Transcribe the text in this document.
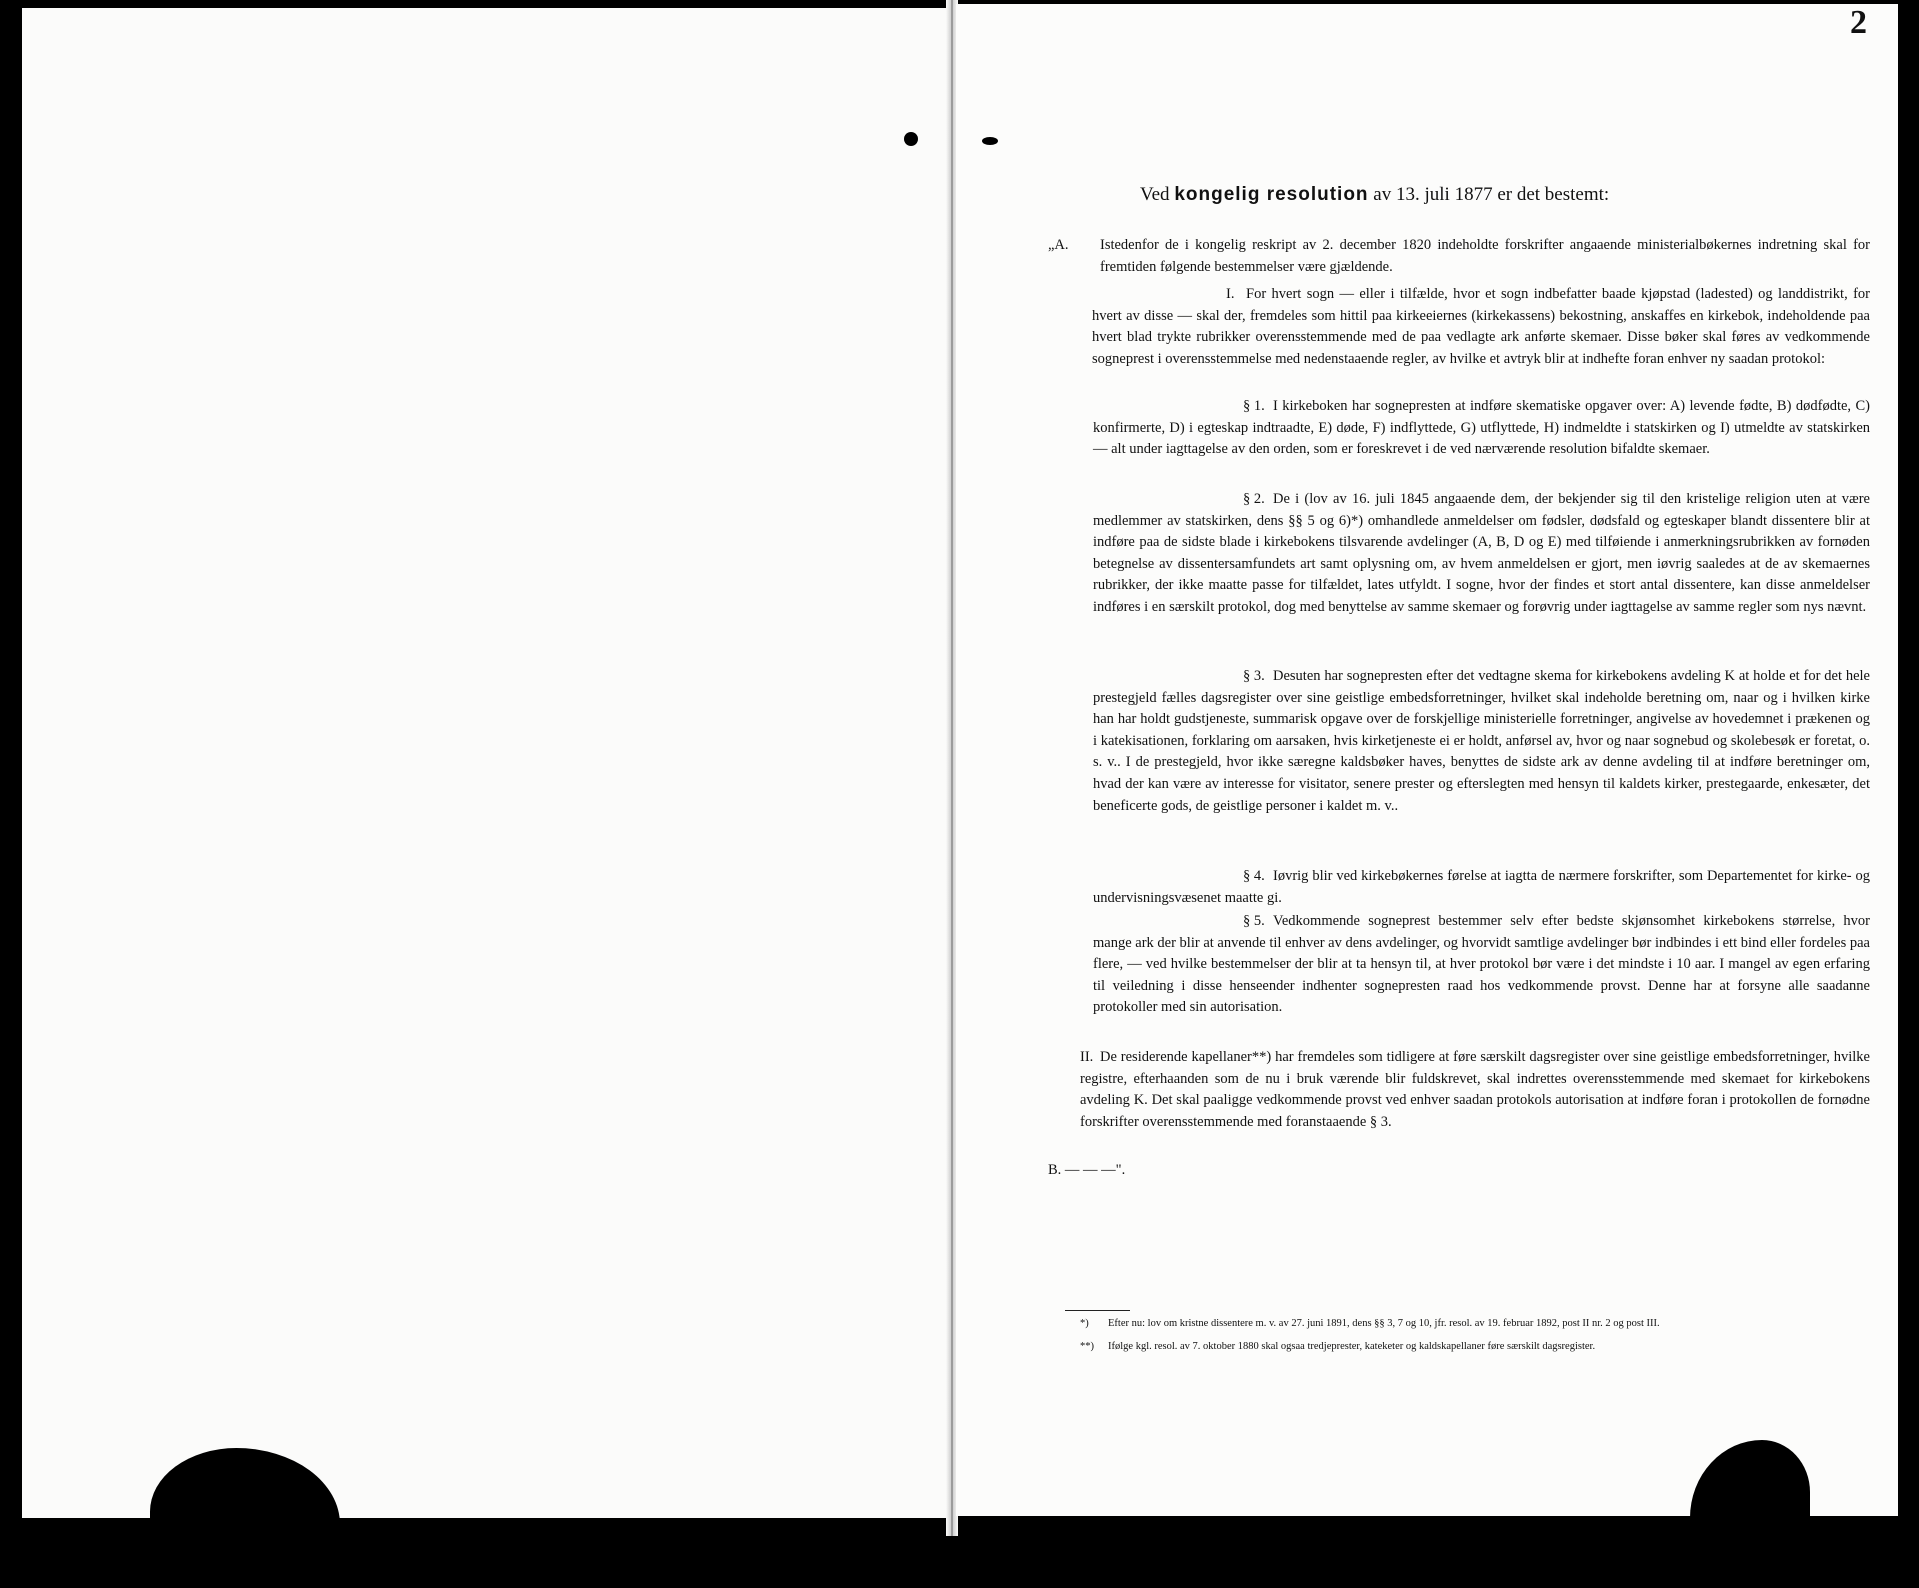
2

Ved kongelig resolution av 13. juli 1877 er det bestemt:

„A. Istedenfor de i kongelig reskript av 2. december 1820 indeholdte forskrifter angaaende ministerialbøkernes indretning skal for fremtiden følgende bestemmelser være gjældende.

I. For hvert sogn — eller i tilfælde, hvor et sogn indbefatter baade kjøpstad (ladested) og landdistrikt, for hvert av disse — skal der, fremdeles som hittil paa kirkeeiernes (kirkekassens) bekostning, anskaffes en kirkebok, indeholdende paa hvert blad trykte rubrikker overensstemmende med de paa vedlagte ark anførte skemaer. Disse bøker skal føres av vedkommende sogneprest i overensstemmelse med nedenstaaende regler, av hvilke et avtryk blir at indhefte foran enhver ny saadan protokol:

§ 1. I kirkeboken har sognepresten at indføre skematiske opgaver over: A) levende fødte, B) dødfødte, C) konfirmerte, D) i egteskap indtraadte, E) døde, F) indflyttede, G) utflyttede, H) indmeldte i statskirken og I) utmeldte av statskirken — alt under iagttagelse av den orden, som er foreskrevet i de ved nærværende resolution bifaldte skemaer.

§ 2. De i (lov av 16. juli 1845 angaaende dem, der bekjender sig til den kristelige religion uten at være medlemmer av statskirken, dens §§ 5 og 6)*) omhandlede anmeldelser om fødsler, dødsfald og egteskaper blandt dissentere blir at indføre paa de sidste blade i kirkebokens tilsvarende avdelinger (A, B, D og E) med tilføiende i anmerkningsrubrikken av fornøden betegnelse av dissentersamfundets art samt oplysning om, av hvem anmeldelsen er gjort, men iøvrig saaledes at de av skemaernes rubrikker, der ikke maatte passe for tilfældet, lates utfyldt. I sogne, hvor der findes et stort antal dissentere, kan disse anmeldelser indføres i en særskilt protokol, dog med benyttelse av samme skemaer og forøvrig under iagttagelse av samme regler som nys nævnt.

§ 3. Desuten har sognepresten efter det vedtagne skema for kirkebokens avdeling K at holde et for det hele prestegjeld fælles dagsregister over sine geistlige embedsforretninger, hvilket skal indeholde beretning om, naar og i hvilken kirke han har holdt gudstjeneste, summarisk opgave over de forskjellige ministerielle forretninger, angivelse av hovedemnet i prækenen og i katekisationen, forklaring om aarsaken, hvis kirketjeneste ei er holdt, anførsel av, hvor og naar sognebud og skolebesøk er foretat, o. s. v.. I de prestegjeld, hvor ikke særegne kaldsbøker haves, benyttes de sidste ark av denne avdeling til at indføre beretninger om, hvad der kan være av interesse for visitator, senere prester og efterslegten med hensyn til kaldets kirker, prestegaarde, enkesæter, det beneficerte gods, de geistlige personer i kaldet m. v..

§ 4. Iøvrig blir ved kirkebøkernes førelse at iagtta de nærmere forskrifter, som Departementet for kirke- og undervisningsvæsenet maatte gi.

§ 5. Vedkommende sogneprest bestemmer selv efter bedste skjønsomhet kirkebokens størrelse, hvor mange ark der blir at anvende til enhver av dens avdelinger, og hvorvidt samtlige avdelinger bør indbindes i ett bind eller fordeles paa flere, — ved hvilke bestemmelser der blir at ta hensyn til, at hver protokol bør være i det mindste i 10 aar. I mangel av egen erfaring til veiledning i disse henseender indhenter sognepresten raad hos vedkommende provst. Denne har at forsyne alle saadanne protokoller med sin autorisation.

II. De residerende kapellaner**) har fremdeles som tidligere at føre særskilt dagsregister over sine geistlige embedsforretninger, hvilke registre, efterhaanden som de nu i bruk værende blir fuldskrevet, skal indrettes overensstemmende med skemaet for kirkebokens avdeling K. Det skal paaligge vedkommende provst ved enhver saadan protokols autorisation at indføre foran i protokollen de fornødne forskrifter overensstemmende med foranstaaende § 3.

B. — — —".

*) Efter nu: lov om kristne dissentere m. v. av 27. juni 1891, dens §§ 3, 7 og 10, jfr. resol. av 19. februar 1892, post II nr. 2 og post III.
**) Ifølge kgl. resol. av 7. oktober 1880 skal ogsaa tredjeprester, kateketer og kaldskapellaner føre særskilt dagsregister.
